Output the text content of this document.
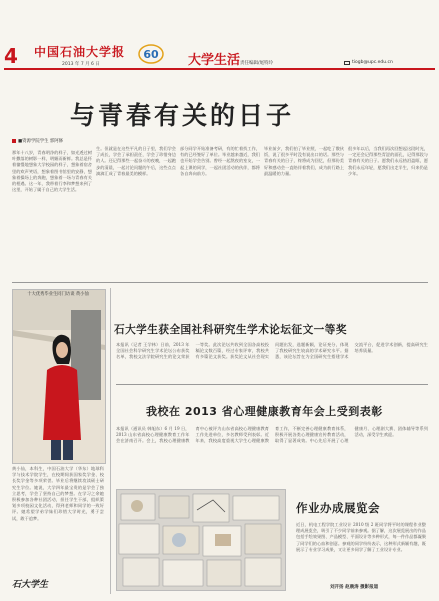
4 中国石油大学报
2013 年 7 月 6 日
60 大学生活 责任编辑/尾特玲	tiogb@upc.edu.cn
与青春有关的日子
■资源学院学生 郭阿修
那年十八岁，青春明净的样子，如光透过树叶撒落的树影一样，明媚而新鲜。我总是怀着憧憬地想象大学校园的样子，想象着宿舍里的欢声笑语，想象着图书馆里的安静，想象着操场上的奔跑，想象着一场与青春有关的相遇。这一年，我带着行李和梦想来到了这里，开始了属于自己的大学生活。
生。但就是在这些平凡的日子里，我们学会了成长，学会了承担责任，学会了珍惜身边的人。还记得那些一起奋斗的夜晚，一起跑步的清晨，一起讨论问题的午后，这些点点滴滴汇成了青春最美的模样。
部分同学开始准备考研，有的忙着找工作，有的已经签好了单位。毕业越来越近，我们也开始学会告别。曾经一起熬夜的室友，一起上课的同学，一起社团活动的伙伴，都将各自奔向前方。
毕业前夕，我们拍了毕业照，一起吃了散伙饭，说了很多平时没有说出口的话。那些与青春有关的日子，终将成为回忆，但那份美好和感动会一直陪伴着我们，成为前行路上最温暖的力量。
很多年以后，当我们再次回想起这段时光，一定还会记得那些青涩的面孔，记得那段与青春有关的日子。愿我们永远热泪盈眶，愿我们永远年轻，愿我们出走半生，归来仍是少年。
十大优秀毕业生同门访谈 黄小仙
黄小仙，本科生，中国石油大学（华东）地球科学与技术学院学生，在校期间获国家奖学金、校长奖学金等多项荣誉。毕业后将继续攻读硕士研究生学位。她说，大学四年最宝贵的是学会了独立思考，学会了坚持自己的梦想。在学习之余她积极参加各种社团活动，担任学生干部，组织策划多项校园文化活动，得到老师和同学的一致好评。她希望学弟学妹们珍惜大学时光，勇于尝试，敢于追梦。
石大学生
石大学生获全国社科研究生学术论坛征文一等奖
本报讯（记者 王学林）日前，2013 年全国社会科学研究生学术论坛公布获奖名单，我校文法学院研究生的论文荣获一等奖。此次论坛共收到全国各高校投稿论文数百篇，经过专家评审，我校共有多篇论文获奖。获奖论文从社会现实问题出发，选题新颖，论证充分，体现了我校研究生较高的学术研究水平。据悉，该论坛旨在为全国研究生搭建学术交流平台，促进学术创新，提高研究生培养质量。
我校在 2013 省心理健康教育年会上受到表彰
本报讯（通讯员 韩旭东）6 月 19 日，2013 山东省高校心理健康教育工作年会在济南召开。会上，我校心理健康教育中心被评为山东省高校心理健康教育工作先进单位，多名教师受到表彰。近年来，我校高度重视大学生心理健康教育工作，不断完善心理健康教育体系，积极开展各类心理健康宣传教育活动，取得了显著成效。中心先后开展了心理健康月、心理剧大赛、团体辅导等系列活动，深受学生欢迎。
作业办成展览会
近日，机电工程学院工业设计 2010 级 2 班同学将平时的课程作业整理成展览会，吸引了不少同学前来参观。据了解，这次展览展出的作品包括手绘效果图、产品模型、平面设计等多种形式，每一件作品都凝聚了同学们的心血和创意。参观的同学纷纷表示，这种形式新颖有趣，既展示了专业学习成果，又让更多同学了解了工业设计专业。
刘开扬 赵晨涛 摄影报道
